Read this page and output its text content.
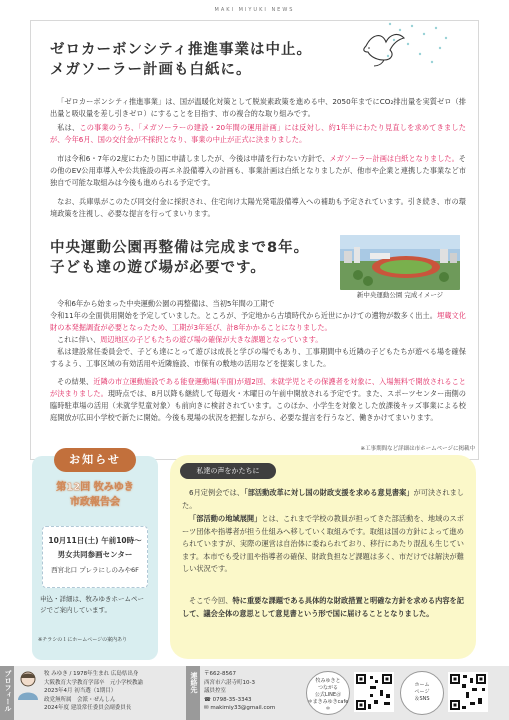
MAKI MIYUKI NEWS
ゼロカーボンシティ推進事業は中止。
メガソーラー計画も白紙に。
「ゼロカーボンシティ推進事業」は、国が温暖化対策として脱炭素政策を進める中、2050年までにCO₂排出量を実質ゼロ（排出量と吸収量を差し引きゼロ）にすることを目指す、市の複合的な取り組みです。
私は、この事業のうち、「メガソーラーの建設・20年間の運用計画」には反対し、約1年半にわたり見直しを求めてきましたが、今年6月、国の交付金が不採択となり、事業の中止が正式に決まりました。
市は令和6・7年の2度にわたり国に申請しましたが、今後は申請を行わない方針で、メガソーラー計画は白紙となりました。その他のEV公用車導入や公共施設の再エネ設備導入の計画も、事業計画は白紙となりましたが、他市や企業と連携した事業など市独自で可能な取組みは今後も進められる予定です。
なお、兵庫県がこのたび同交付金に採択され、住宅向け太陽光発電設備導入への補助も予定されています。引き続き、市の環境政策を注視し、必要な提言を行ってまいります。
中央運動公園再整備は完成まで8年。
子ども達の遊び場が必要です。
新中央運動公園 完成イメージ
令和6年から始まった中央運動公園の再整備は、当初5年間の工期で
令和11年の全面供用開始を予定していました。ところが、予定地から古墳時代から近世にかけての遺物が数多く出土。埋蔵文化財の本発掘調査が必要となったため、工期が3年延び、計8年かかることになりました。
これに伴い、周辺地区の子どもたちの遊び場の確保が大きな課題となっています。
私は建設常任委員会で、子ども達にとって遊びは成長と学びの場でもあり、工事期間中も近隣の子どもたちが遊べる場を確保するよう、工事区域の有効活用や近隣施設、市保有の敷地の活用などを提案しました。
その結果、近隣の市立運動施設である能登運動場(半面)が週2回、未就学児とその保護者を対象に、入場無料で開放されることが決まりました。現時点では、8月以降も継続して毎週火・木曜日の午前中開放される予定です。また、スポーツセンター南側の臨時駐車場の活用（未就学児童対象）も前向きに検討されています。このほか、小学生を対象とした放課後キッズ事業による校庭開放が広田小学校で新たに開始。今後も現場の状況を把握しながら、必要な提言を行うなど、働きかけてまいります。
※工事期間など詳細は市ホームページに掲載中
お知らせ
第12回 牧みゆき
市政報告会
10月11日(土) 午前10時〜
男女共同参画センター
西宮北口 プレラにしのみや6F
申込・詳細は、牧みゆきホームページでご案内しています。
※チラシの１にホームページの案内あり
私達の声をかたちに
6月定例会では、「部活動改革に対し国の財政支援を求める意見書案」が可決されました。
「部活動の地域展開」とは、これまで学校の教員が担ってきた部活動を、地域のスポーツ団体や指導者が担う仕組みへ移していく取組みです。取組は国の方針によって進められていますが、実際の運営は自治体に委ねられており、移行にあたり混乱も生じています。本市でも受け皿や指導者の確保、財政負担など課題は多く、市だけでは解決が難しい状況です。
そこで今回、特に重要な課題である具体的な財政措置と明確な方針を求める内容を記して、議会全体の意思として意見書という形で国に届けることとなりました。
プロフィール	牧 みゆき / 1978年生まれ 広島県出身
大阪教育大学教育学部卒　元小学校教諭
2023年4月 初当選（1期目）
政党無所属　会派・ぜんしん
2024年度 建設常任委員会副委員長
連絡先 〒662-8567
西宮市六湛寺町10-3
議員控室
☎ 0798-35-3343
✉ makimiy33@gmail.com
牧みゆきと
つながる
公式LINE＠
＊まきみゆきcafe＊
ホーム
ページ
＆SNS
